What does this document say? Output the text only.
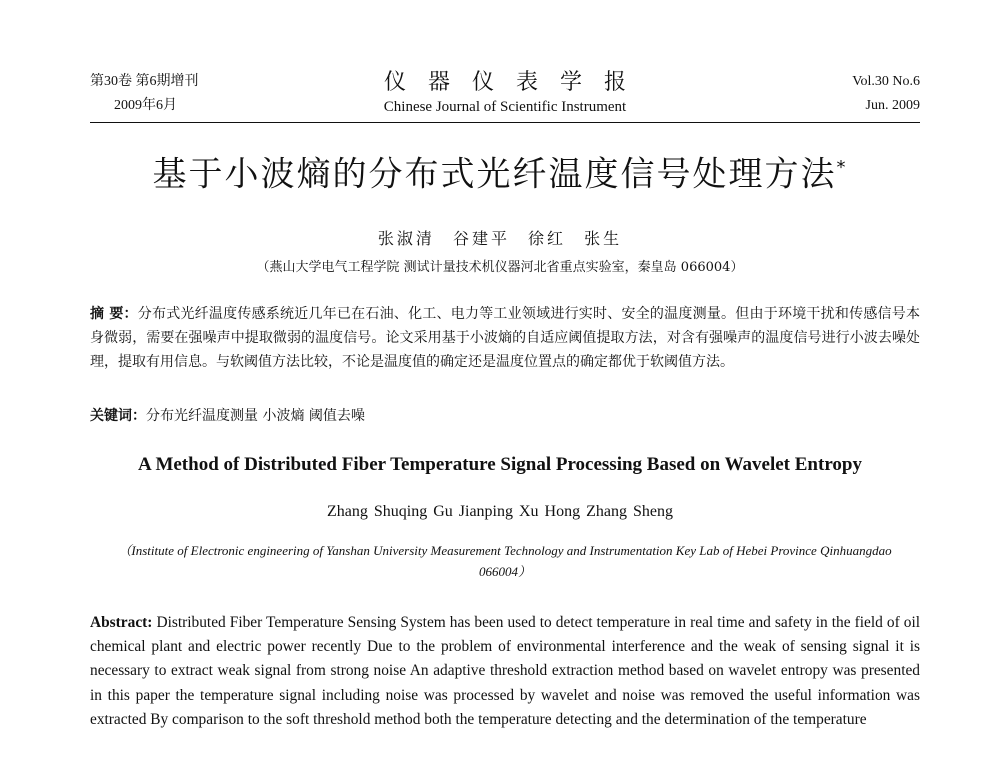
第30卷 第6期增刊
2009年6月
仪器仪表学报
Chinese Journal of Scientific Instrument
Vol.30 No.6
Jun. 2009
基于小波熵的分布式光纤温度信号处理方法*
张淑清 谷建平 徐红 张生
（燕山大学电气工程学院 测试计量技术机仪器河北省重点实验室，秦皇岛 066004）
摘 要：分布式光纤温度传感系统近几年已在石油、化工、电力等工业领域进行实时、安全的温度测量。但由于环境干扰和传感信号本身微弱，需要在强噪声中提取微弱的温度信号。论文采用基于小波熵的自适应阈值提取方法，对含有强噪声的温度信号进行小波去噪处理，提取有用信息。与软阈值方法比较，不论是温度值的确定还是温度位置点的确定都优于软阈值方法。
关键词：分布光纤温度测量 小波熵 阈值去噪
A Method of Distributed Fiber Temperature Signal Processing Based on Wavelet Entropy
Zhang Shuqing Gu Jianping Xu Hong Zhang Sheng
（Institute of Electronic engineering of Yanshan University Measurement Technology and Instrumentation Key Lab of Hebei Province Qinhuangdao 066004）
Abstract: Distributed Fiber Temperature Sensing System has been used to detect temperature in real time and safety in the field of oil chemical plant and electric power recently Due to the problem of environmental interference and the weak of sensing signal it is necessary to extract weak signal from strong noise An adaptive threshold extraction method based on wavelet entropy was presented in this paper the temperature signal including noise was processed by wavelet and noise was removed the useful information was extracted By comparison to the soft threshold method both the temperature detecting and the determination of the temperature
